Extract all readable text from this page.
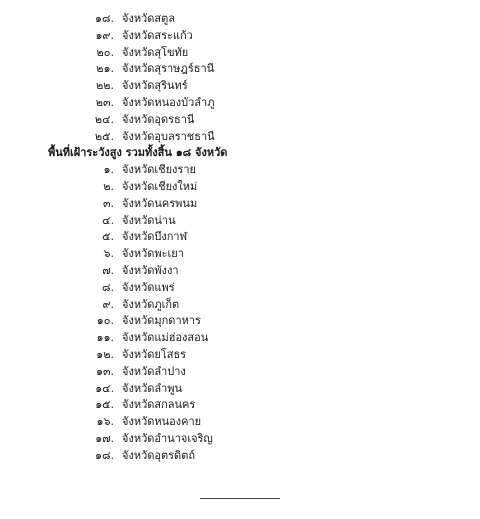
๑๘. จังหวัดสตูล
๑๙. จังหวัดสระแก้ว
๒๐. จังหวัดสุโขทัย
๒๑. จังหวัดสุราษฎร์ธานี
๒๒. จังหวัดสุรินทร์
๒๓. จังหวัดหนองบัวลำภู
๒๔. จังหวัดอุดรธานี
๒๕. จังหวัดอุบลราชธานี
พื้นที่เฝ้าระวังสูง รวมทั้งสิ้น ๑๘ จังหวัด
๑. จังหวัดเชียงราย
๒. จังหวัดเชียงใหม่
๓. จังหวัดนครพนม
๔. จังหวัดน่าน
๕. จังหวัดบึงกาฬ
๖. จังหวัดพะเยา
๗. จังหวัดพังงา
๘. จังหวัดแพร่
๙. จังหวัดภูเก็ต
๑๐. จังหวัดมุกดาหาร
๑๑. จังหวัดแม่ฮ่องสอน
๑๒. จังหวัดยโสธร
๑๓. จังหวัดลำปาง
๑๔. จังหวัดลำพูน
๑๕. จังหวัดสกลนคร
๑๖. จังหวัดหนองคาย
๑๗. จังหวัดอำนาจเจริญ
๑๘. จังหวัดอุตรดิตถ์
